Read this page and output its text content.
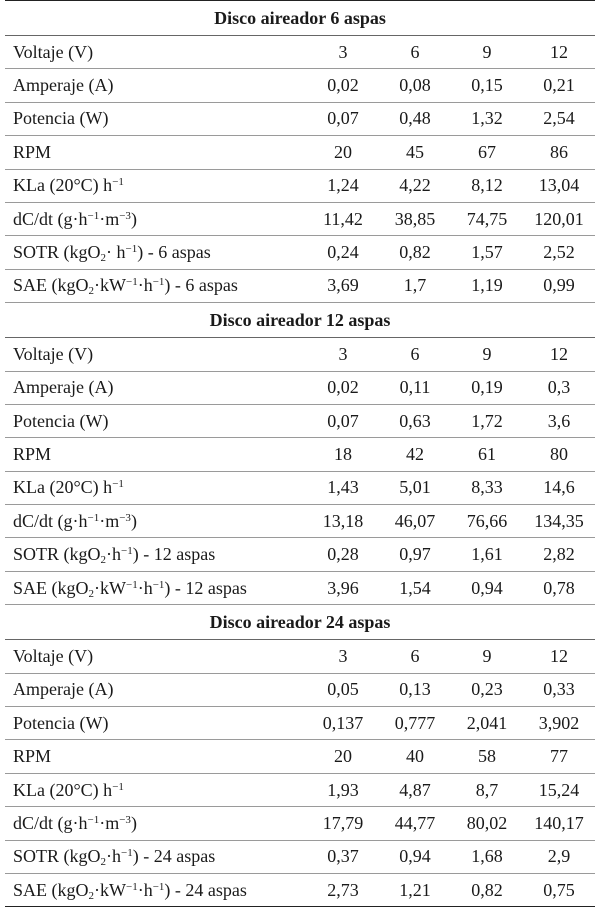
Disco aireador 6 aspas				
Voltaje (V)	3	6	9	12
Amperaje (A)	0,02	0,08	0,15	0,21
Potencia (W)	0,07	0,48	1,32	2,54
RPM	20	45	67	86
KLa (20°C) $h^{-1}$	1,24	4,22	8,12	13,04
dC/dt $(g\cdot h^{-1}\cdot m^{-3})$	11,42	38,85	74,75	120,01
SOTR $(kgO_2\cdot h^{-1}) - 6$ aspas	0,24	0,82	1,57	2,52
SAE $(kgO_2\cdot kW^{-1}\cdot h^{-1}) - 6$ aspas	3,69	1,7	1,19	0,99
Disco aireador 12 aspas				
Voltaje (V)	3	6	9	12
Amperaje (A)	0,02	0,11	0,19	0,3
Potencia (W)	0,07	0,63	1,72	3,6
RPM	18	42	61	80
KLa (20°C) $h^{-1}$	1,43	5,01	8,33	14,6
dC/dt $(g\cdot h^{-1}\cdot m^{-3})$	13,18	46,07	76,66	134,35
SOTR $(kgO_2\cdot h^{-1}) - 12$ aspas	0,28	0,97	1,61	2,82
SAE $(kgO_2\cdot kW^{-1}\cdot h^{-1}) - 12$ aspas	3,96	1,54	0,94	0,78
Disco aireador 24 aspas				
Voltaje (V)	3	6	9	12
Amperaje (A)	0,05	0,13	0,23	0,33
Potencia (W)	0,137	0,777	2,041	3,902
RPM	20	40	58	77
KLa (20°C) $h^{-1}$	1,93	4,87	8,7	15,24
dC/dt $(g\cdot h^{-1}\cdot m^{-3})$	17,79	44,77	80,02	140,17
SOTR $(kgO_2\cdot h^{-1}) - 24$ aspas	0,37	0,94	1,68	2,9
SAE $(kgO_2\cdot kW^{-1}\cdot h^{-1}) - 24$ aspas	2,73	1,21	0,82	0,75
